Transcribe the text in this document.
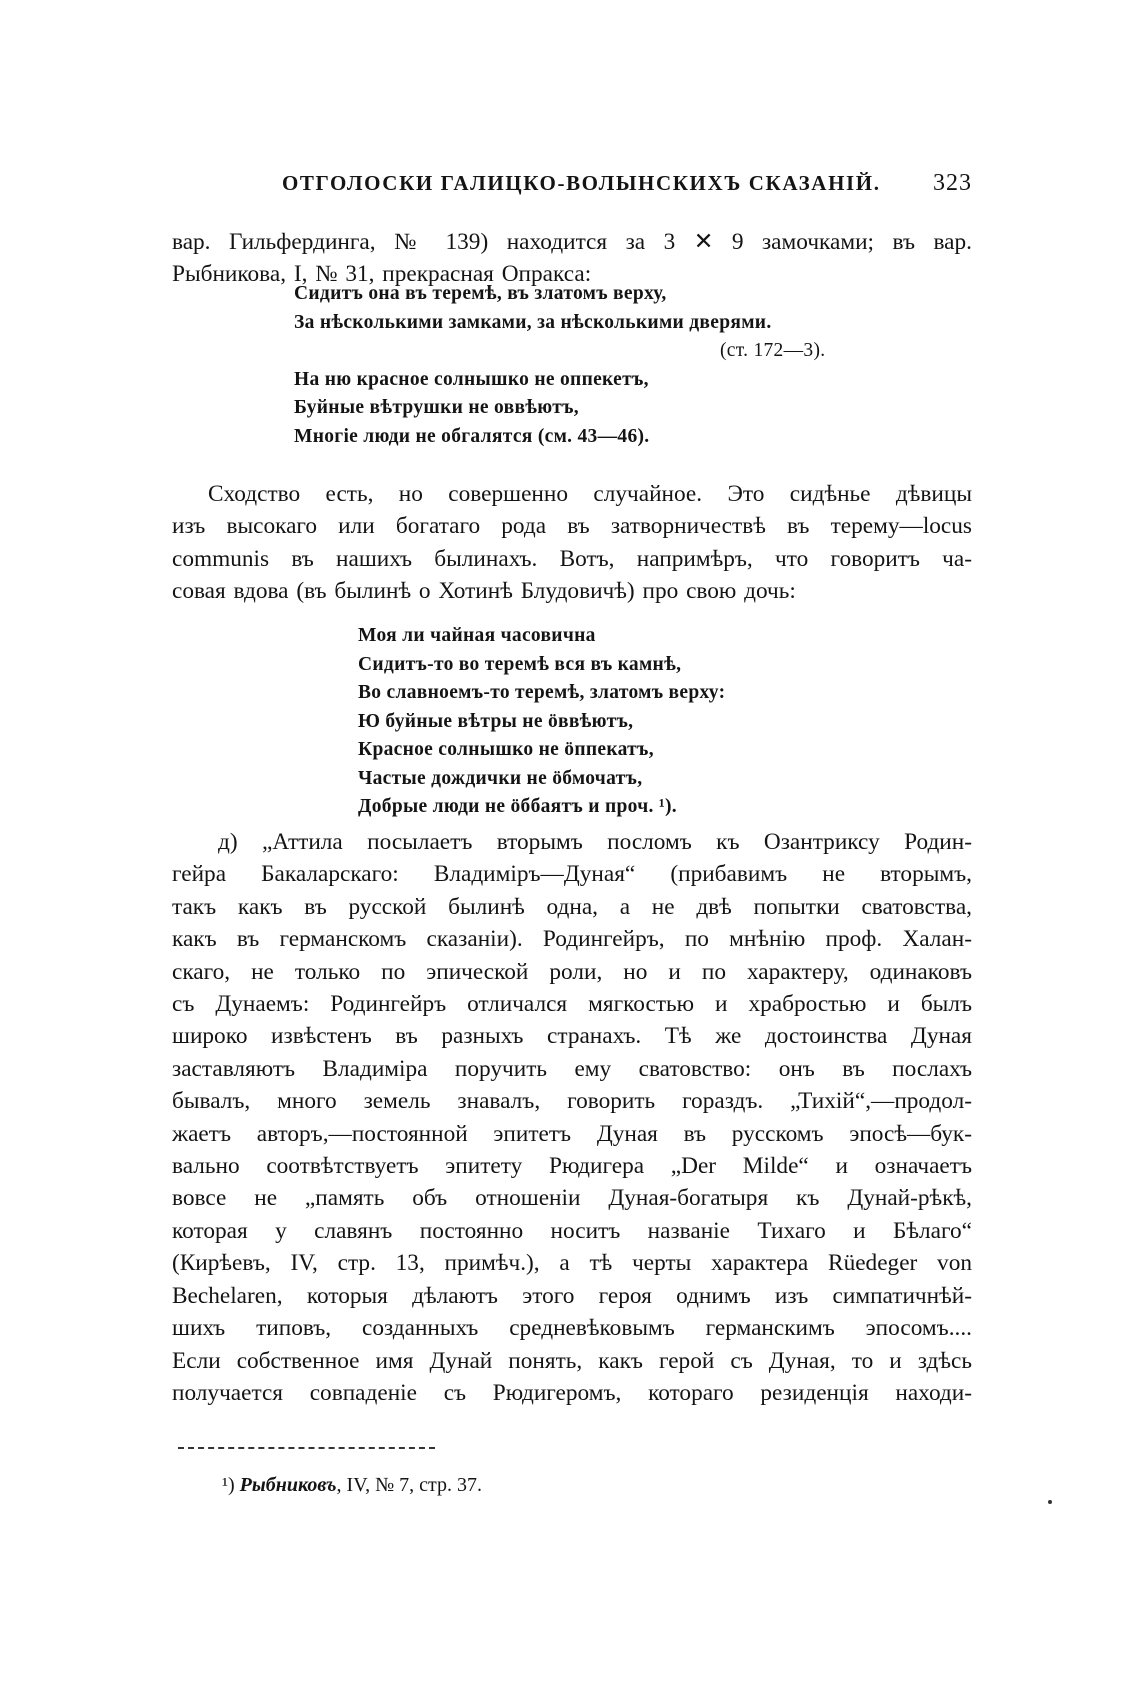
ОТГОЛОСКИ ГАЛИЦКО-ВОЛЫНСКИХЪ СКАЗАНІЙ. 323

вар. Гильфердинга, № 139) находится за 3 ✕ 9 замочками; въ вар.
Рыбникова, I, № 31, прекрасная Опракса:

Сидитъ она въ теремѣ, въ златомъ верху,
За нѣсколькими замками, за нѣсколькими дверями.
(ст. 172—3).
На ню красное солнышко не оппекетъ,
Буйные вѣтрушки не оввѣютъ,
Многіе люди не обгалятся (см. 43—46).

Сходство есть, но совершенно случайное. Это сидѣнье дѣвицы

изъ высокаго или богатаго рода въ затворничествѣ въ терему—locus
communis въ нашихъ былинахъ. Вотъ, напримѣръ, что говоритъ ча-
совая вдова (въ былинѣ о Хотинѣ Блудовичѣ) про свою дочь:

Моя ли чайная часовична
Сидитъ-то во теремѣ вся въ камнѣ,
Во славноемъ-то теремѣ, златомъ верху:
Ю буйные вѣтры не ӧввѣютъ,
Красное солнышко не ӧппекатъ,
Частые дождички не ӧбмочатъ,
Добрые люди не ӧббаятъ и проч. ¹).

д) „Аттила посылаетъ вторымъ посломъ къ Озантриксу Родин-
гейра Бакаларскаго: Владиміръ—Дуная“ (прибавимъ не вторымъ,
такъ какъ въ русской былинѣ одна, а не двѣ попытки сватовства,
какъ въ германскомъ сказаніи). Родингейръ, по мнѣнію проф. Халан-
скаго, не только по эпической роли, но и по характеру, одинаковъ
съ Дунаемъ: Родингейръ отличался мягкостью и храбростью и былъ
широко извѣстенъ въ разныхъ странахъ. Тѣ же достоинства Дуная
заставляютъ Владиміра поручить ему сватовство: онъ въ послахъ
бывалъ, много земель знавалъ, говорить гораздъ. „Тихій“,—продол-
жаетъ авторъ,—постоянной эпитетъ Дуная въ русскомъ эпосѣ—бук-
вально соотвѣтствуетъ эпитету Рюдигера „Der Milde“ и означаетъ
вовсе не „память объ отношеніи Дуная-богатыря къ Дунай-рѣкѣ,
которая у славянъ постоянно носитъ названіе Тихаго и Бѣлаго“
(Кирѣевъ, IV, стр. 13, примѣч.), а тѣ черты характера Rüedeger von
Bechelaren, которыя дѣлаютъ этого героя однимъ изъ симпатичнѣй-
шихъ типовъ, созданныхъ средневѣковымъ германскимъ эпосомъ....
Если собственное имя Дунай понять, какъ герой съ Дуная, то и здѣсь
получается совпаденіе съ Рюдигеромъ, котораго резиденція находи-

¹) Рыбниковъ, IV, № 7, стр. 37.
